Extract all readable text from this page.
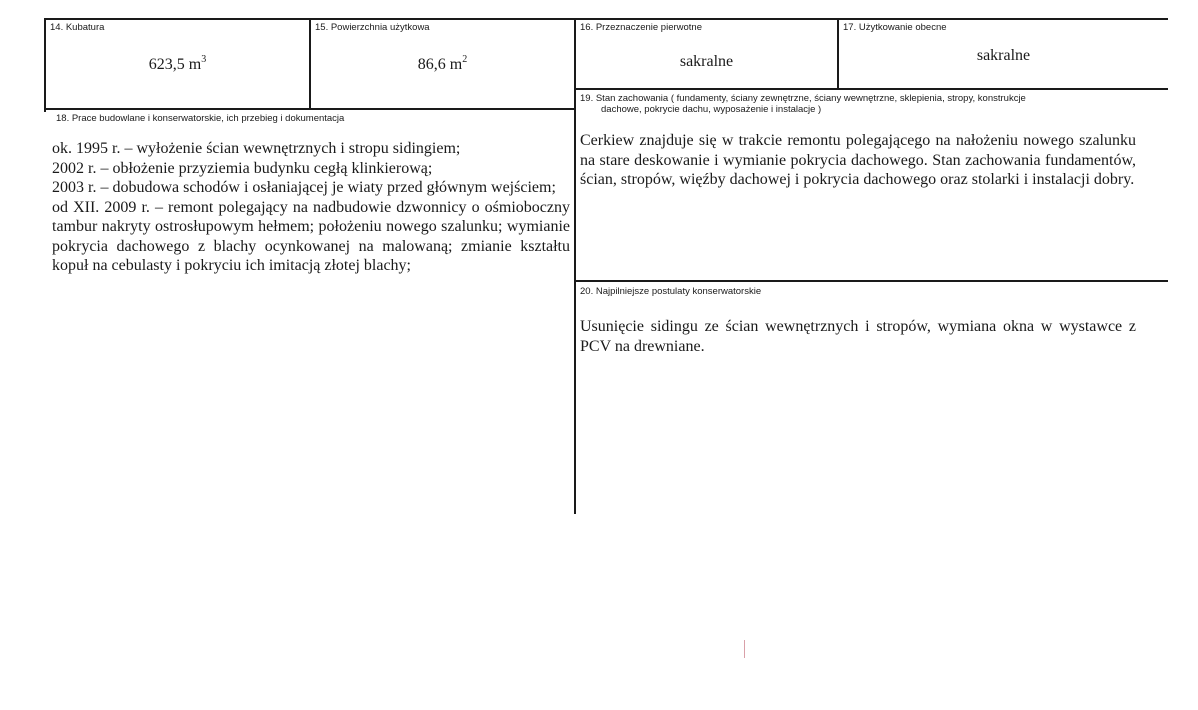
14. Kubatura
623,5 $m^3$
15. Powierzchnia użytkowa
86,6 $m^2$
16. Przeznaczenie pierwotne
sakralne
17. Użytkowanie obecne
sakralne
18. Prace budowlane i konserwatorskie, ich przebieg i dokumentacja

ok. 1995 r. – wyłożenie ścian wewnętrznych i stropu sidingiem;

2002 r. – obłożenie przyziemia budynku cegłą klinkierową;

2003 r. – dobudowa schodów i osłaniającej je wiaty przed głównym wejściem;

od XII. 2009 r. – remont polegający na nadbudowie dzwonnicy o ośmioboczny tambur nakryty ostrosłupowym hełmem; położeniu nowego szalunku; wymianie pokrycia dachowego z blachy ocynkowanej na malowaną; zmianie kształtu kopuł na cebulasty i pokryciu ich imitacją złotej blachy;

19. Stan zachowania ( fundamenty, ściany zewnętrzne, ściany wewnętrzne, sklepienia, stropy, konstrukcje
dachowe, pokrycie dachu, wyposażenie i instalacje )

Cerkiew znajduje się w trakcie remontu polegającego na nałożeniu nowego szalunku na stare deskowanie i wymianie pokrycia dachowego. Stan zachowania fundamentów, ścian, stropów, więźby dachowej i pokrycia dachowego oraz stolarki i instalacji dobry.

20. Najpilniejsze postulaty konserwatorskie

Usunięcie sidingu ze ścian wewnętrznych i stropów, wymiana okna w wystawce z PCV na drewniane.
